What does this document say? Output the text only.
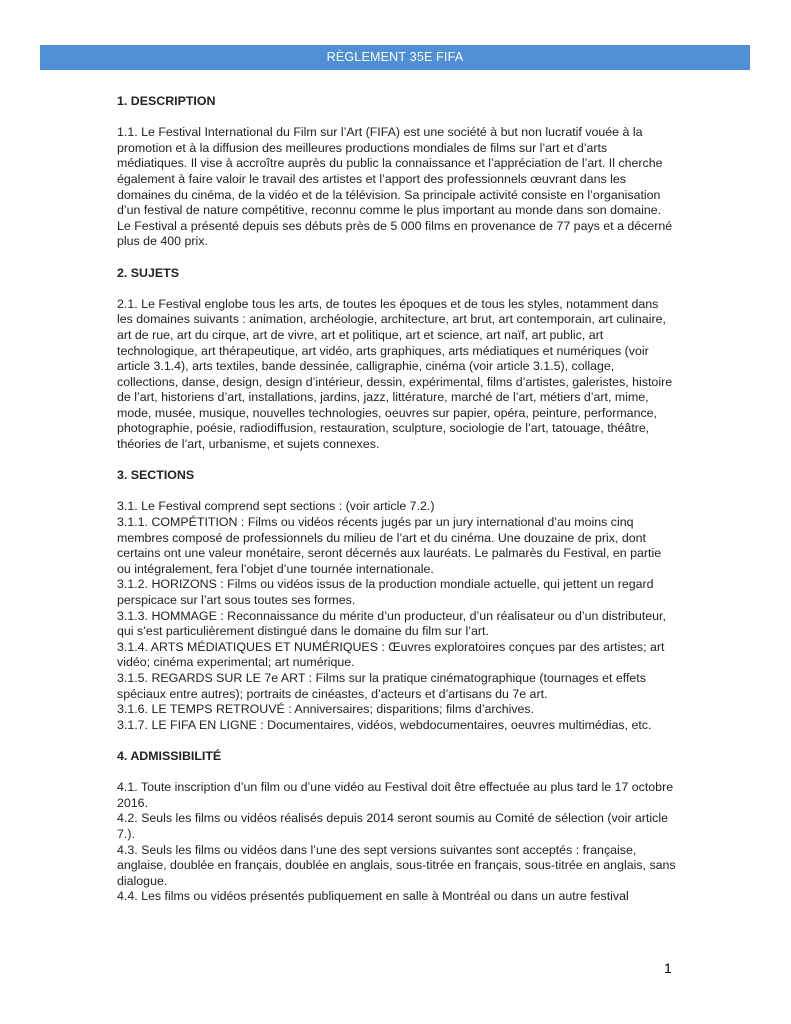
RÈGLEMENT 35E FIFA
1. DESCRIPTION

1.1. Le Festival International du Film sur l’Art (FIFA) est une société à but non lucratif vouée à la promotion et à la diffusion des meilleures productions mondiales de films sur l’art et d’arts médiatiques. Il vise à accroître auprès du public la connaissance et l’appréciation de l’art. Il cherche également à faire valoir le travail des artistes et l’apport des professionnels œuvrant dans les domaines du cinéma, de la vidéo et de la télévision. Sa principale activité consiste en l’organisation d’un festival de nature compétitive, reconnu comme le plus important au monde dans son domaine. Le Festival a présenté depuis ses débuts près de 5 000 films en provenance de 77 pays et a décerné plus de 400 prix.

2. SUJETS

2.1. Le Festival englobe tous les arts, de toutes les époques et de tous les styles, notamment dans les domaines suivants : animation, archéologie, architecture, art brut, art contemporain, art culinaire, art de rue, art du cirque, art de vivre, art et politique, art et science, art naïf, art public, art technologique, art thérapeutique, art vidéo, arts graphiques, arts médiatiques et numériques (voir article 3.1.4), arts textiles, bande dessinée, calligraphie, cinéma (voir article 3.1.5), collage, collections, danse, design, design d’intérieur, dessin, expérimental, films d’artistes, galeristes, histoire de l’art, historiens d’art, installations, jardins, jazz, littérature, marché de l’art, métiers d’art, mime, mode, musée, musique, nouvelles technologies, oeuvres sur papier, opéra, peinture, performance, photographie, poésie, radiodiffusion, restauration, sculpture, sociologie de l’art, tatouage, théâtre, théories de l’art, urbanisme, et sujets connexes.

3. SECTIONS

3.1. Le Festival comprend sept sections : (voir article 7.2.)

3.1.1. COMPÉTITION : Films ou vidéos récents jugés par un jury international d’au moins cinq membres composé de professionnels du milieu de l’art et du cinéma. Une douzaine de prix, dont certains ont une valeur monétaire, seront décernés aux lauréats. Le palmarès du Festival, en partie ou intégralement, fera l’objet d’une tournée internationale.

3.1.2. HORIZONS : Films ou vidéos issus de la production mondiale actuelle, qui jettent un regard perspicace sur l’art sous toutes ses formes.

3.1.3. HOMMAGE : Reconnaissance du mérite d’un producteur, d’un réalisateur ou d’un distributeur, qui s’est particulièrement distingué dans le domaine du film sur l’art.

3.1.4. ARTS MÉDIATIQUES ET NUMÉRIQUES : Œuvres exploratoires conçues par des artistes; art vidéo; cinéma experimental; art numérique.

3.1.5. REGARDS SUR LE 7e ART : Films sur la pratique cinématographique (tournages et effets spéciaux entre autres); portraits de cinéastes, d’acteurs et d’artisans du 7e art.

3.1.6. LE TEMPS RETROUVÉ : Anniversaires; disparitions; films d’archives.

3.1.7. LE FIFA EN LIGNE : Documentaires, vidéos, webdocumentaires, oeuvres multimédias, etc.

4. ADMISSIBILITÉ

4.1. Toute inscription d’un film ou d’une vidéo au Festival doit être effectuée au plus tard le 17 octobre 2016.

4.2. Seuls les films ou vidéos réalisés depuis 2014 seront soumis au Comité de sélection (voir article 7.).

4.3. Seuls les films ou vidéos dans l’une des sept versions suivantes sont acceptés : française, anglaise, doublée en français, doublée en anglais, sous-titrée en français, sous-titrée en anglais, sans dialogue.

4.4. Les films ou vidéos présentés publiquement en salle à Montréal ou dans un autre festival

1
